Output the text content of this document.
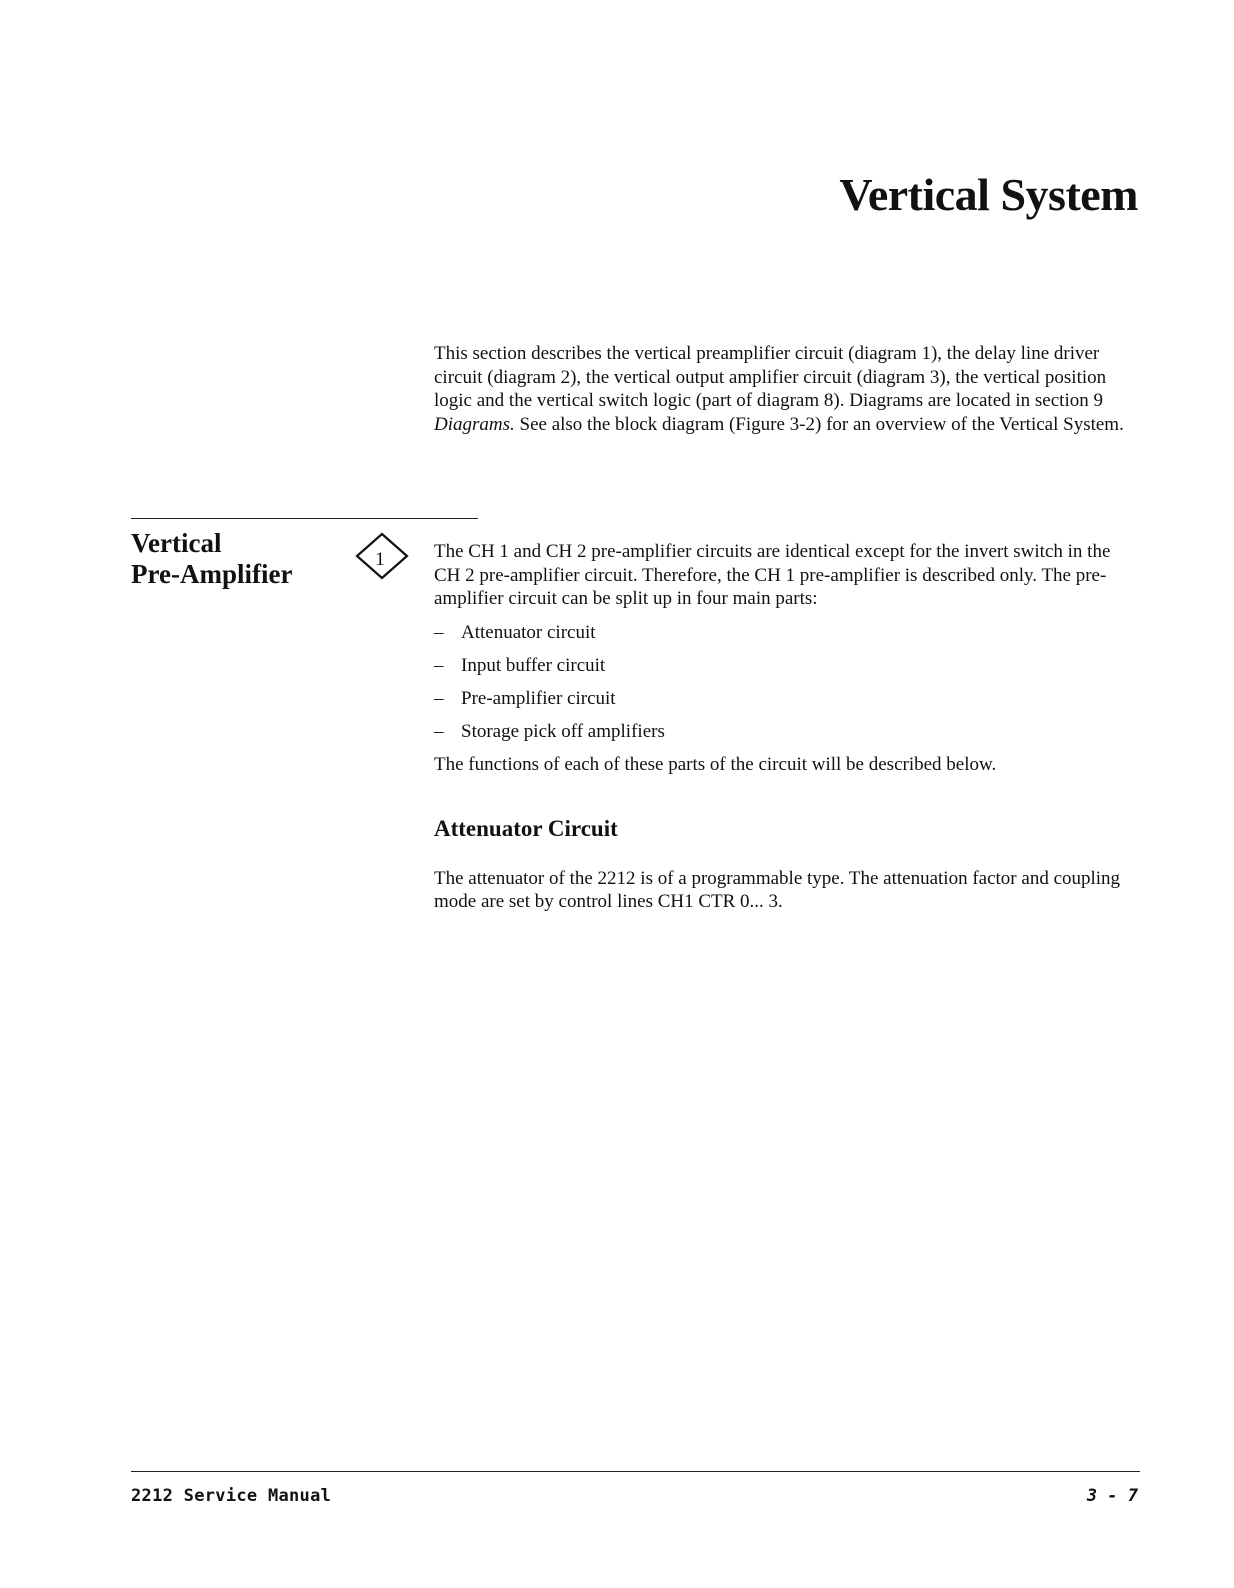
Vertical System

This section describes the vertical preamplifier circuit (diagram 1), the delay line driver circuit (diagram 2), the vertical output amplifier circuit (diagram 3), the vertical position logic and the vertical switch logic (part of diagram 8). Diagrams are located in section 9 Diagrams. See also the block diagram (Figure 3-2) for an overview of the Vertical System.

Vertical
Pre-Amplifier	1	The CH 1 and CH 2 pre-amplifier circuits are identical except for the invert switch in the CH 2 pre-amplifier circuit. Therefore, the CH 1 pre-amplifier is described only. The pre-amplifier circuit can be split up in four main parts:

– Attenuator circuit
– Input buffer circuit
– Pre-amplifier circuit
– Storage pick off amplifiers

The functions of each of these parts of the circuit will be described below.

Attenuator Circuit

The attenuator of the 2212 is of a programmable type. The attenuation factor and coupling mode are set by control lines CH1 CTR 0... 3.

2212 Service Manual	3 - 7
